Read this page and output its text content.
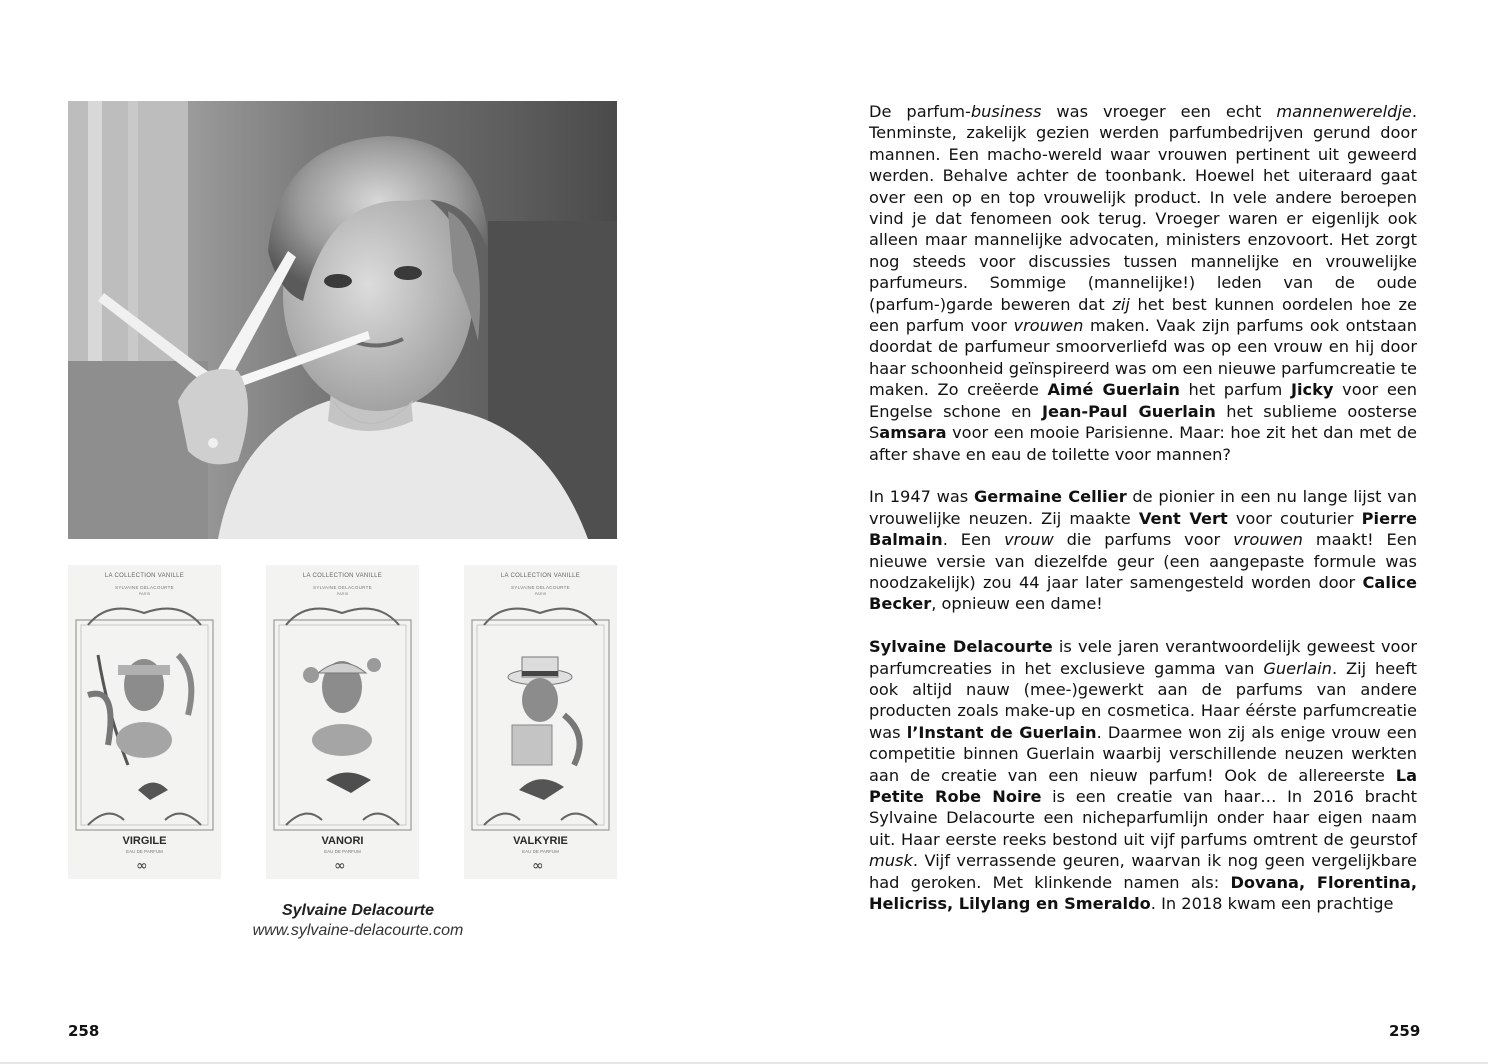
LA COLLECTION VANILLE
SYLVAINE DELACOURTE
PARIS
VIRGILE
EAU DE PARFUM
∞
LA COLLECTION VANILLE
SYLVAINE DELACOURTE
PARIS
VANORI
EAU DE PARFUM
∞
LA COLLECTION VANILLE
SYLVAINE DELACOURTE
PARIS
VALKYRIE
EAU DE PARFUM
∞
Sylvaine Delacourte
www.sylvaine-delacourte.com
258

De parfum-business was vroeger een echt mannenwereldje. Tenminste, zakelijk gezien werden parfumbedrijven gerund door mannen. Een macho-wereld waar vrouwen pertinent uit geweerd werden. Behalve achter de toonbank. Hoewel het uiteraard gaat over een op en top vrouwelijk product. In vele andere beroepen vind je dat fenomeen ook terug. Vroeger waren er eigenlijk ook alleen maar mannelijke advocaten, ministers enzovoort. Het zorgt nog steeds voor discussies tussen mannelijke en vrouwelijke parfumeurs. Sommige (mannelijke!) leden van de oude (parfum-)garde beweren dat zij het best kunnen oordelen hoe ze een parfum voor vrouwen maken. Vaak zijn parfums ook ontstaan doordat de parfumeur smoorverliefd was op een vrouw en hij door haar schoonheid geïnspireerd was om een nieuwe parfumcreatie te maken. Zo creëerde Aimé Guerlain het parfum Jicky voor een Engelse schone en Jean-Paul Guerlain het sublieme oosterse Samsara voor een mooie Parisienne. Maar: hoe zit het dan met de after shave en eau de toilette voor mannen?

In 1947 was Germaine Cellier de pionier in een nu lange lijst van vrouwelijke neuzen. Zij maakte Vent Vert voor couturier Pierre Balmain. Een vrouw die parfums voor vrouwen maakt! Een nieuwe versie van diezelfde geur (een aangepaste formule was noodzakelijk) zou 44 jaar later samengesteld worden door Calice Becker, opnieuw een dame!

Sylvaine Delacourte is vele jaren verantwoordelijk geweest voor parfumcreaties in het exclusieve gamma van Guerlain. Zij heeft ook altijd nauw (mee-)gewerkt aan de parfums van andere producten zoals make-up en cosmetica. Haar éérste parfumcreatie was l’Instant de Guerlain. Daarmee won zij als enige vrouw een competitie binnen Guerlain waarbij verschillende neuzen werkten aan de creatie van een nieuw parfum! Ook de allereerste La Petite Robe Noire is een creatie van haar… In 2016 bracht Sylvaine Delacourte een nicheparfumlijn onder haar eigen naam uit. Haar eerste reeks bestond uit vijf parfums omtrent de geurstof musk. Vijf verrassende geuren, waarvan ik nog geen vergelijkbare had geroken. Met klinkende namen als: Dovana, Florentina, Helicriss, Lilylang en Smeraldo. In 2018 kwam een prachtige

259
